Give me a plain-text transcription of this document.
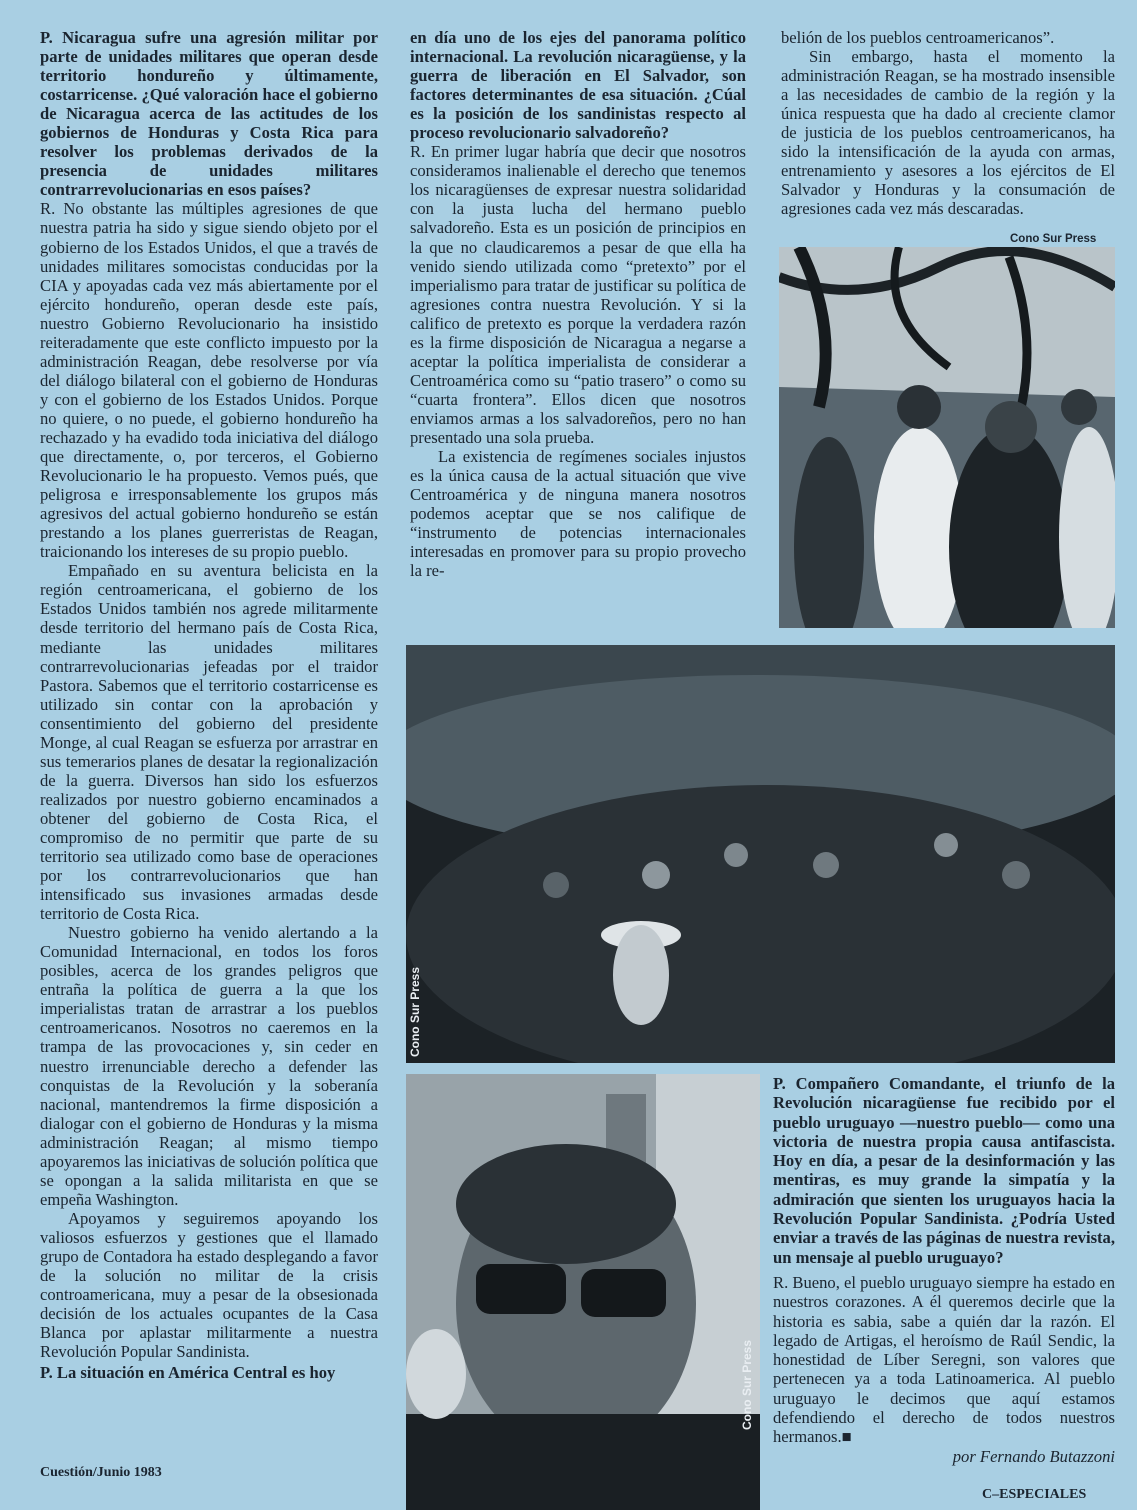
P. Nicaragua sufre una agresión militar por parte de unidades militares que operan desde territorio hondureño y últimamente, costarricense. ¿Qué valoración hace el gobierno de Nicaragua acerca de las actitudes de los gobiernos de Honduras y Costa Rica para resolver los problemas derivados de la presencia de unidades militares contrarrevolucionarias en esos países?

R. No obstante las múltiples agresiones de que nuestra patria ha sido y sigue siendo objeto por el gobierno de los Estados Unidos, el que a través de unidades militares somocistas conducidas por la CIA y apoyadas cada vez más abiertamente por el ejército hondureño, operan desde este país, nuestro Gobierno Revolucionario ha insistido reiteradamente que este conflicto impuesto por la administración Reagan, debe resolverse por vía del diálogo bilateral con el gobierno de Honduras y con el gobierno de los Estados Unidos. Porque no quiere, o no puede, el gobierno hondureño ha rechazado y ha evadido toda iniciativa del diálogo que directamente, o, por terceros, el Gobierno Revolucionario le ha propuesto. Vemos pués, que peligrosa e irresponsablemente los grupos más agresivos del actual gobierno hondureño se están prestando a los planes guerreristas de Reagan, traicionando los intereses de su propio pueblo.

Empañado en su aventura belicista en la región centroamericana, el gobierno de los Estados Unidos también nos agrede militarmente desde territorio del hermano país de Costa Rica, mediante las unidades militares contrarrevolucionarias jefeadas por el traidor Pastora. Sabemos que el territorio costarricense es utilizado sin contar con la aprobación y consentimiento del gobierno del presidente Monge, al cual Reagan se esfuerza por arrastrar en sus temerarios planes de desatar la regionalización de la guerra. Diversos han sido los esfuerzos realizados por nuestro gobierno encaminados a obtener del gobierno de Costa Rica, el compromiso de no permitir que parte de su territorio sea utilizado como base de operaciones por los contrarrevolucionarios que han intensificado sus invasiones armadas desde territorio de Costa Rica.

Nuestro gobierno ha venido alertando a la Comunidad Internacional, en todos los foros posibles, acerca de los grandes peligros que entraña la política de guerra a la que los imperialistas tratan de arrastrar a los pueblos centroamericanos. Nosotros no caeremos en la trampa de las provocaciones y, sin ceder en nuestro irrenunciable derecho a defender las conquistas de la Revolución y la soberanía nacional, mantendremos la firme disposición a dialogar con el gobierno de Honduras y la misma administración Reagan; al mismo tiempo apoyaremos las iniciativas de solución política que se opongan a la salida militarista en que se empeña Washington.

Apoyamos y seguiremos apoyando los valiosos esfuerzos y gestiones que el llamado grupo de Contadora ha estado desplegando a favor de la solución no militar de la crisis controamericana, muy a pesar de la obsesionada decisión de los actuales ocupantes de la Casa Blanca por aplastar militarmente a nuestra Revolución Popular Sandinista.

P. La situación en América Central es hoy

en día uno de los ejes del panorama político internacional. La revolución nicaragüense, y la guerra de liberación en El Salvador, son factores determinantes de esa situación. ¿Cúal es la posición de los sandinistas respecto al proceso revolucionario salvadoreño?

R. En primer lugar habría que decir que nosotros consideramos inalienable el derecho que tenemos los nicaragüenses de expresar nuestra solidaridad con la justa lucha del hermano pueblo salvadoreño. Esta es un posición de principios en la que no claudicaremos a pesar de que ella ha venido siendo utilizada como “pretexto” por el imperialismo para tratar de justificar su política de agresiones contra nuestra Revolución. Y si la califico de pretexto es porque la verdadera razón es la firme disposición de Nicaragua a negarse a aceptar la política imperialista de considerar a Centroamérica como su “patio trasero” o como su “cuarta frontera”. Ellos dicen que nosotros enviamos armas a los salvadoreños, pero no han presentado una sola prueba.

La existencia de regímenes sociales injustos es la única causa de la actual situación que vive Centroamérica y de ninguna manera nosotros podemos aceptar que se nos califique de “instrumento de potencias internacionales interesadas en promover para su propio provecho la re-

belión de los pueblos centroamericanos”.

Sin embargo, hasta el momento la administración Reagan, se ha mostrado insensible a las necesidades de cambio de la región y la única respuesta que ha dado al creciente clamor de justicia de los pueblos centroamericanos, ha sido la intensificación de la ayuda con armas, entrenamiento y asesores a los ejércitos de El Salvador y Honduras y la consumación de agresiones cada vez más descaradas.

Cono Sur Press
Cono Sur Press
Cono Sur Press

P. Compañero Comandante, el triunfo de la Revolución nicaragüense fue recibido por el pueblo uruguayo —nuestro pueblo— como una victoria de nuestra propia causa antifascista. Hoy en día, a pesar de la desinformación y las mentiras, es muy grande la simpatía y la admiración que sienten los uruguayos hacia la Revolución Popular Sandinista. ¿Podría Usted enviar a través de las páginas de nuestra revista, un mensaje al pueblo uruguayo?

R. Bueno, el pueblo uruguayo siempre ha estado en nuestros corazones. A él queremos decirle que la historia es sabia, sabe a quién dar la razón. El legado de Artigas, el heroísmo de Raúl Sendic, la honestidad de Líber Seregni, son valores que pertenecen ya a toda Latinoamerica. Al pueblo uruguayo le decimos que aquí estamos defendiendo el derecho de todos nuestros hermanos.■

por Fernando Butazzoni

Cuestión/Junio 1983
C–ESPECIALES
